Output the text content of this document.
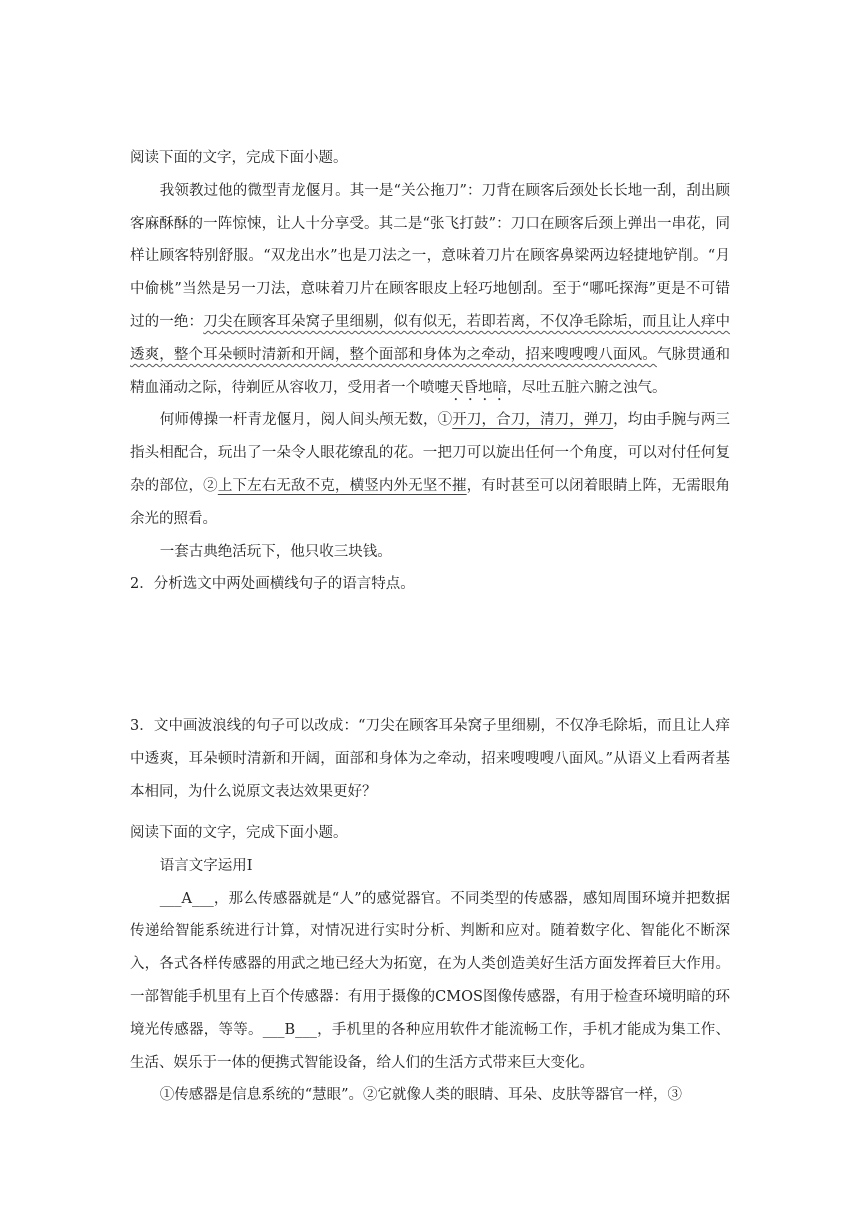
阅读下面的文字，完成下面小题。

我领教过他的微型青龙偃月。其一是“关公拖刀”：刀背在顾客后颈处长长地一刮，刮出顾客麻酥酥的一阵惊悚，让人十分享受。其二是“张飞打鼓”：刀口在顾客后颈上弹出一串花，同样让顾客特别舒服。“双龙出水”也是刀法之一，意味着刀片在顾客鼻梁两边轻捷地铲削。“月中偷桃”当然是另一刀法，意味着刀片在顾客眼皮上轻巧地刨刮。至于“哪吒探海”更是不可错过的一绝：刀尖在顾客耳朵窝子里细剔，似有似无，若即若离，不仅净毛除垢，而且让人痒中透爽，整个耳朵顿时清新和开阔，整个面部和身体为之牵动，招来嗖嗖嗖八面风。气脉贯通和精血涌动之际，待剃匠从容收刀，受用者一个喷嚏天昏地暗，尽吐五脏六腑之浊气。

何师傅操一杆青龙偃月，阅人间头颅无数，①开刀，合刀，清刀，弹刀，均由手腕与两三指头相配合，玩出了一朵令人眼花缭乱的花。一把刀可以旋出任何一个角度，可以对付任何复杂的部位，②上下左右无敌不克，横竖内外无坚不摧，有时甚至可以闭着眼睛上阵，无需眼角余光的照看。

一套古典绝活玩下，他只收三块钱。

2．分析选文中两处画横线句子的语言特点。

3．文中画波浪线的句子可以改成：“刀尖在顾客耳朵窝子里细剔，不仅净毛除垢，而且让人痒中透爽，耳朵顿时清新和开阔，面部和身体为之牵动，招来嗖嗖嗖八面风。”从语义上看两者基本相同，为什么说原文表达效果更好？

阅读下面的文字，完成下面小题。

语言文字运用Ⅰ

___A___，那么传感器就是“人”的感觉器官。不同类型的传感器，感知周围环境并把数据传递给智能系统进行计算，对情况进行实时分析、判断和应对。随着数字化、智能化不断深入，各式各样传感器的用武之地已经大为拓宽，在为人类创造美好生活方面发挥着巨大作用。一部智能手机里有上百个传感器：有用于摄像的CMOS图像传感器，有用于检查环境明暗的环境光传感器，等等。___B___，手机里的各种应用软件才能流畅工作，手机才能成为集工作、生活、娱乐于一体的便携式智能设备，给人们的生活方式带来巨大变化。

①传感器是信息系统的“慧眼”。②它就像人类的眼睛、耳朵、皮肤等器官一样，③
